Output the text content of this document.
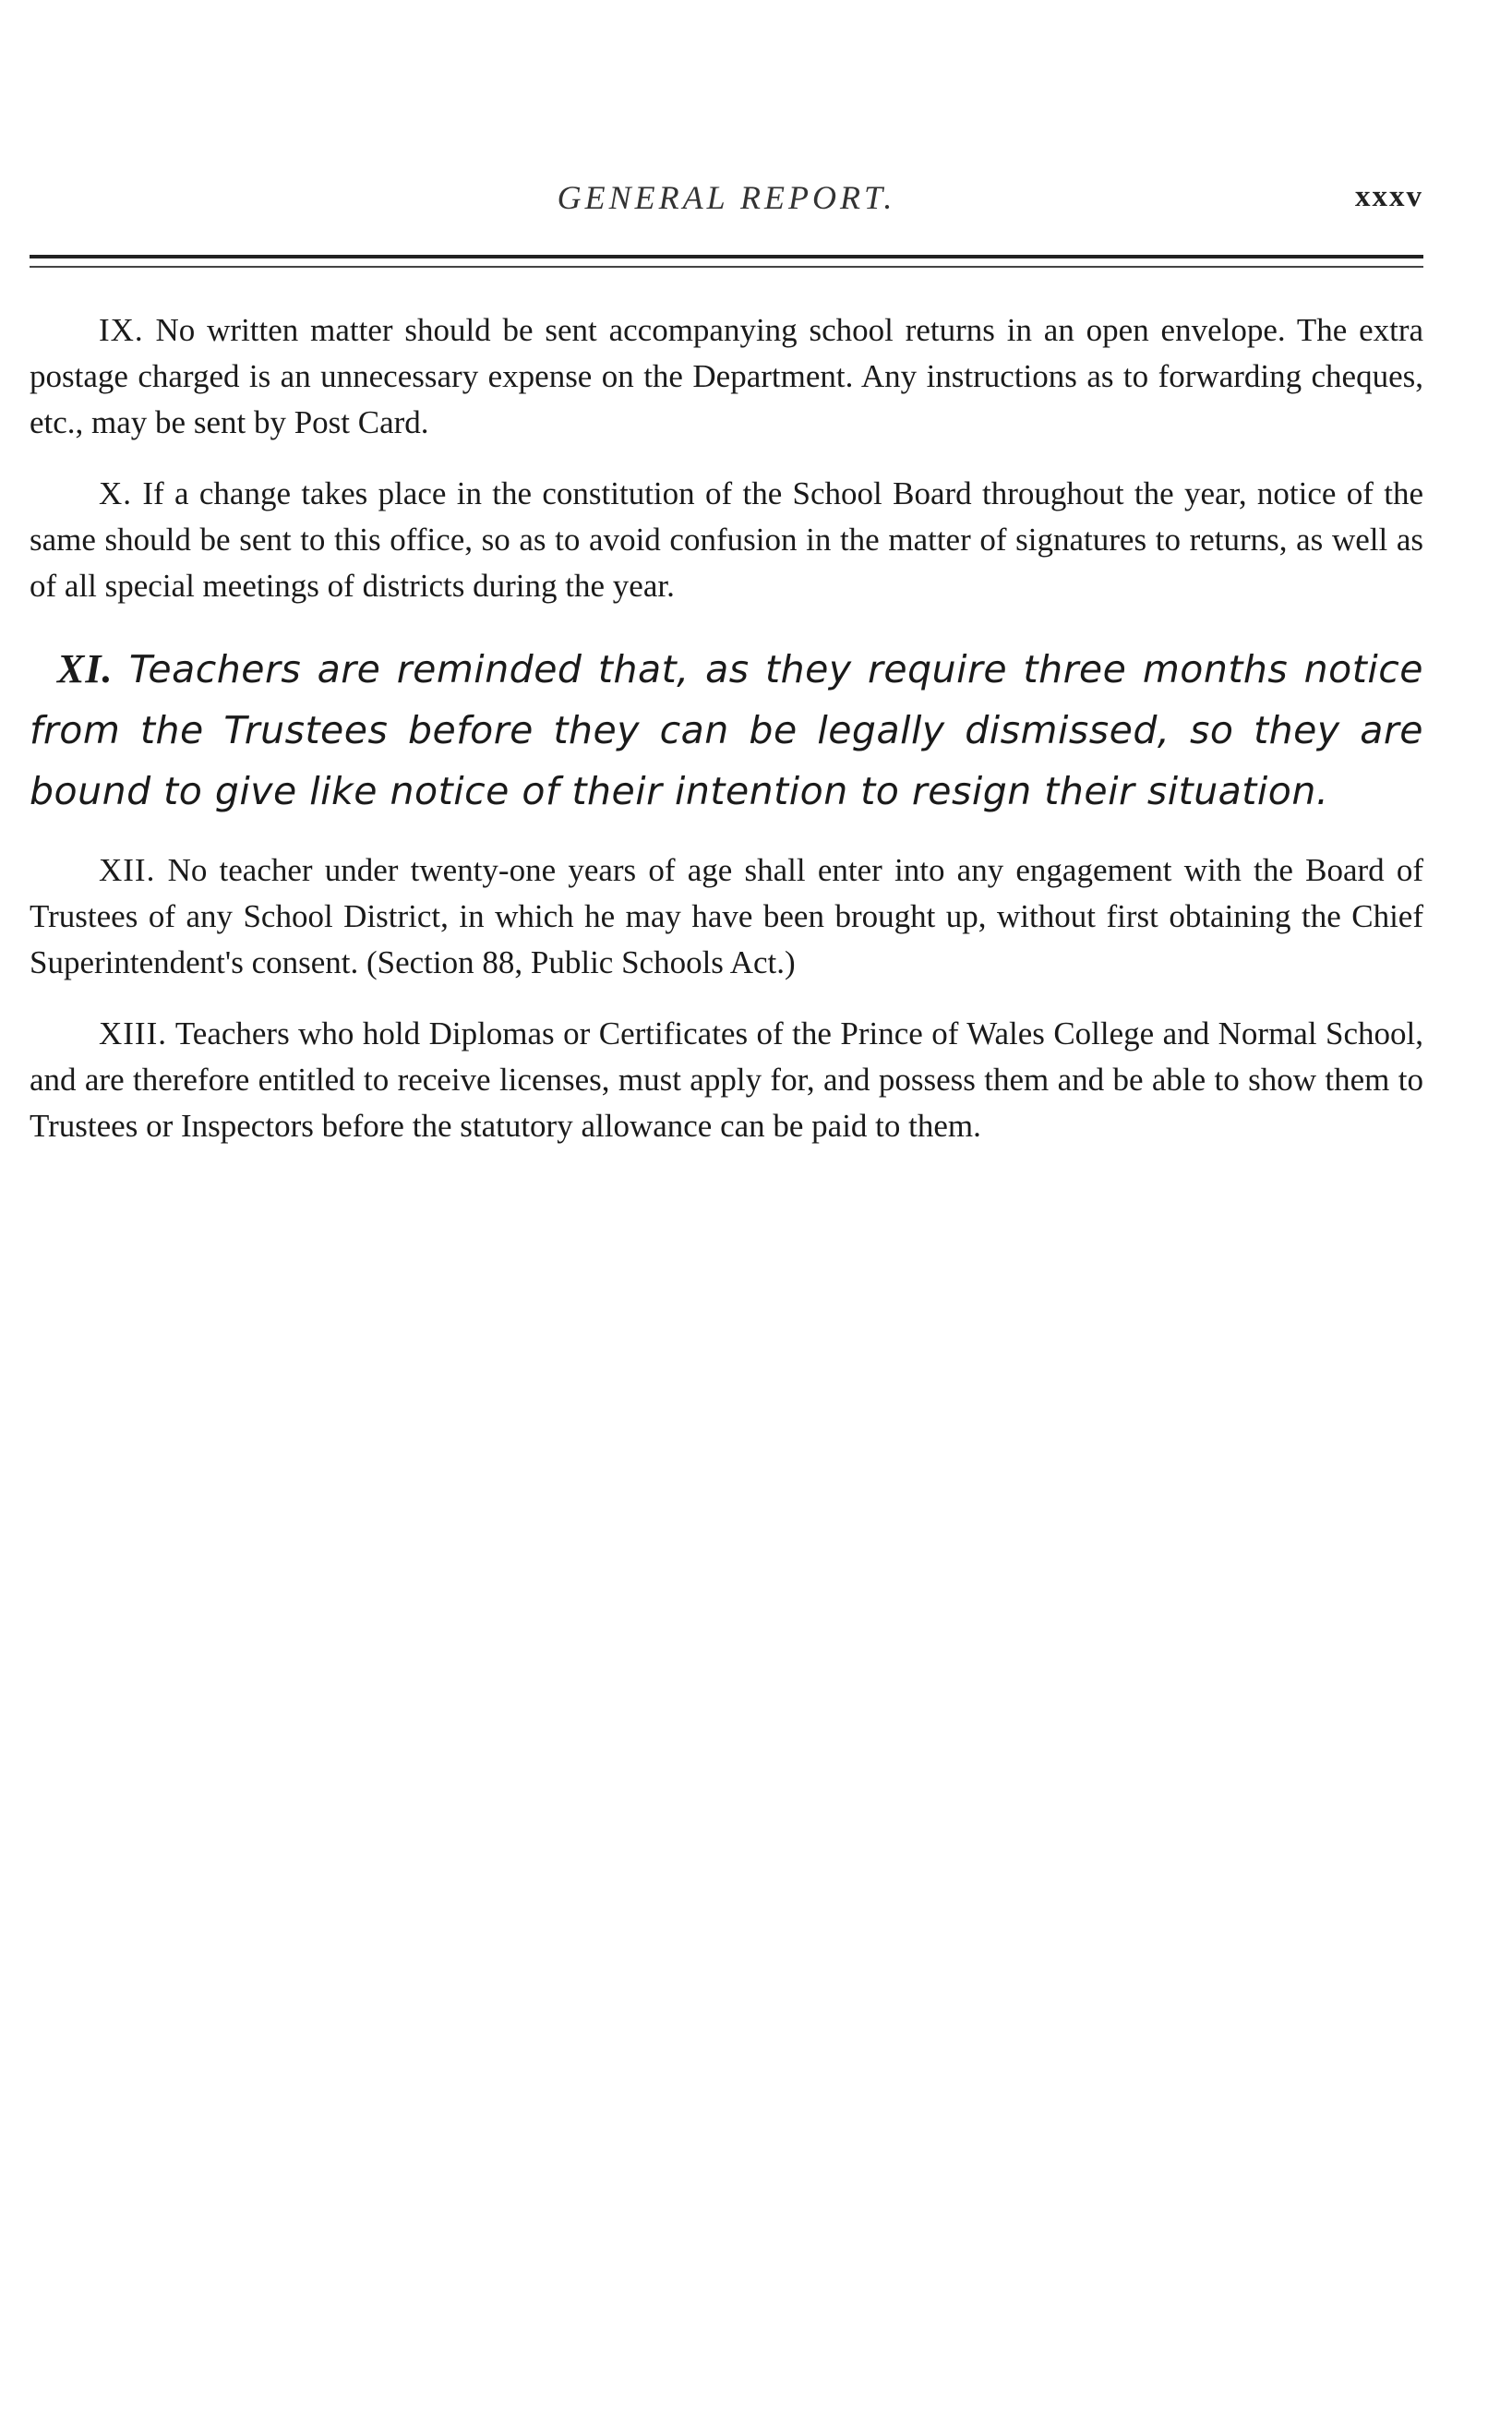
GENERAL REPORT.	xxxv

IX. No written matter should be sent accompanying school returns in an open envelope. The extra postage charged is an unnecessary expense on the Department. Any instructions as to forwarding cheques, etc., may be sent by Post Card.

X. If a change takes place in the constitution of the School Board throughout the year, notice of the same should be sent to this office, so as to avoid confusion in the matter of signatures to returns, as well as of all special meetings of districts during the year.

XI. Teachers are reminded that, as they require three months notice from the Trustees before they can be legally dismissed, so they are bound to give like notice of their intention to resign their situation.

XII. No teacher under twenty-one years of age shall enter into any engagement with the Board of Trustees of any School District, in which he may have been brought up, without first obtaining the Chief Superintendent's consent. (Section 88, Public Schools Act.)

XIII. Teachers who hold Diplomas or Certificates of the Prince of Wales College and Normal School, and are therefore entitled to receive licenses, must apply for, and possess them and be able to show them to Trustees or Inspectors before the statutory allowance can be paid to them.
